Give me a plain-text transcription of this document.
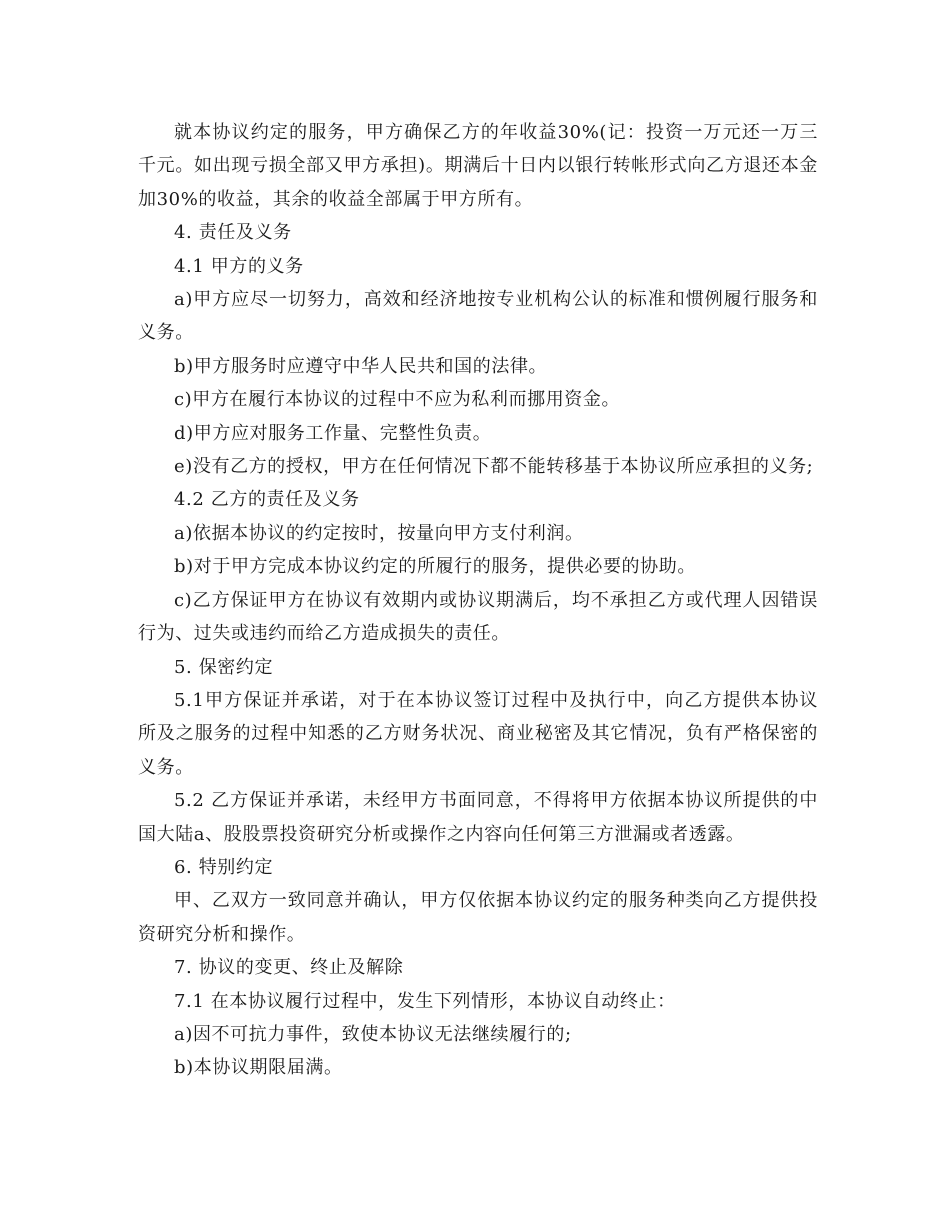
就本协议约定的服务，甲方确保乙方的年收益30%(记：投资一万元还一万三千元。如出现亏损全部又甲方承担)。期满后十日内以银行转帐形式向乙方退还本金加30%的收益，其余的收益全部属于甲方所有。

4. 责任及义务

4.1 甲方的义务

a)甲方应尽一切努力，高效和经济地按专业机构公认的标准和惯例履行服务和义务。

b)甲方服务时应遵守中华人民共和国的法律。

c)甲方在履行本协议的过程中不应为私利而挪用资金。

d)甲方应对服务工作量、完整性负责。

e)没有乙方的授权，甲方在任何情况下都不能转移基于本协议所应承担的义务;

4.2 乙方的责任及义务

a)依据本协议的约定按时，按量向甲方支付利润。

b)对于甲方完成本协议约定的所履行的服务，提供必要的协助。

c)乙方保证甲方在协议有效期内或协议期满后，均不承担乙方或代理人因错误行为、过失或违约而给乙方造成损失的责任。

5. 保密约定

5.1甲方保证并承诺，对于在本协议签订过程中及执行中，向乙方提供本协议所及之服务的过程中知悉的乙方财务状况、商业秘密及其它情况，负有严格保密的义务。

5.2 乙方保证并承诺，未经甲方书面同意，不得将甲方依据本协议所提供的中国大陆a、股股票投资研究分析或操作之内容向任何第三方泄漏或者透露。

6. 特别约定

甲、乙双方一致同意并确认，甲方仅依据本协议约定的服务种类向乙方提供投资研究分析和操作。

7. 协议的变更、终止及解除

7.1 在本协议履行过程中，发生下列情形，本协议自动终止：

a)因不可抗力事件，致使本协议无法继续履行的;

b)本协议期限届满。
